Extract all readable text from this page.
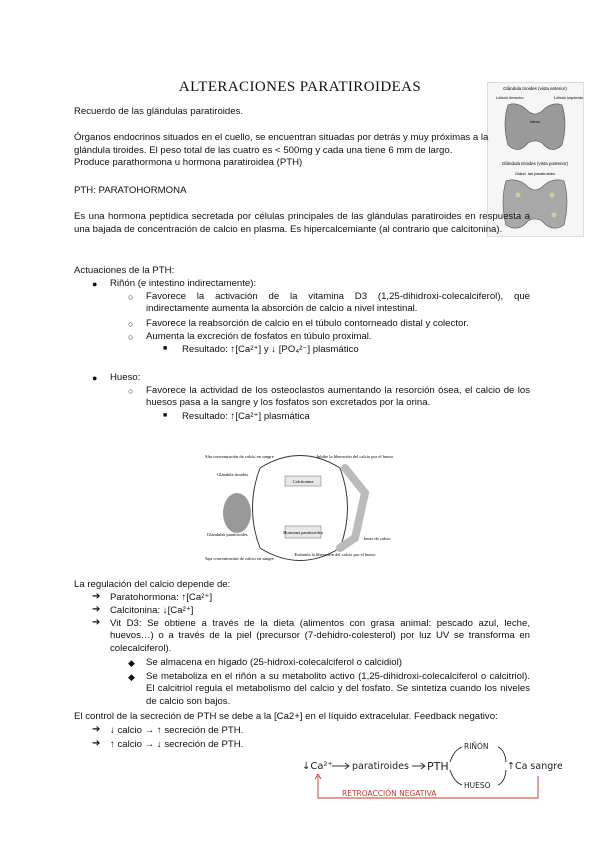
ALTERACIONES PARATIROIDEAS	Glándula tiroides (vista anterior)
Lóbulo derecho	Lóbulo izquierdo
Istmo
Glándula tiroides (vista posterior)
Glánd. las paratiroides
Recuerdo de las glándulas paratiroides.
Órganos endocrinos situados en el cuello, se encuentran situadas por detrás y muy próximas a la glándula tiroides. El peso total de las cuatro es < 500mg y cada una tiene 6 mm de largo. Produce parathormona u hormona paratiroidea (PTH)
PTH: PARATOHORMONA
Es una hormona peptídica secretada por células principales de las glándulas paratiroides en respuesta a una bajada de concentración de calcio en plasma. Es hipercalcemiante (al contrario que calcitonina).
Actuaciones de la PTH:
● Riñón (e intestino indirectamente):
○ Favorece la activación de la vitamina D3 (1,25-dihidroxi-colecalciferol), que indirectamente aumenta la absorción de calcio a nivel intestinal.
○ Favorece la reabsorción de calcio en el túbulo contorneado distal y colector.
○ Aumenta la excreción de fosfatos en túbulo proximal.
■ Resultado: ↑[Ca²⁺] y ↓ [PO₄²⁻] plasmático
● Hueso:
○ Favorece la actividad de los osteoclastos aumentando la resorción ósea, el calcio de los huesos pasa a la sangre y los fosfatos son excretados por la orina.
■ Resultado: ↑[Ca²⁺] plasmática
Alta concentración de calcio en sangre
Glándula tiroides
Calcitonina
Inhibe la liberación del calcio por el hueso
Glándulas paratiroides	Hormona paratiroidea
Baja concentración de calcio en sangre
Estimula la liberación del calcio por el hueso
Iones de calcio
La regulación del calcio depende de:
➔ Paratohormona: ↑[Ca²⁺]
➔ Calcitonina: ↓[Ca²⁺]
➔ Vit D3: Se obtiene a través de la dieta (alimentos con grasa animal: pescado azul, leche, huevos…) o a través de la piel (precursor (7-dehidro-colesterol) por luz UV se transforma en colecalciferol).
◆ Se almacena en hígado (25-hidroxi-colecalciferol o calcidiol)
◆ Se metaboliza en el riñón a su metabolito activo (1,25-dihidroxi-colecalciferol o calcitriol). El calcitriol regula el metabolismo del calcio y del fosfato. Se sintetiza cuando los niveles de calcio son bajos.
El control de la secreción de PTH se debe a la [Ca2+] en el líquido extracelular. Feedback negativo:
➔ ↓ calcio → ↑ secreción de PTH.
➔ ↑ calcio → ↓ secreción de PTH.
↓Ca²⁺ paratiroides PTH
RIÑÓN
HUESO
↑Ca sangre
RETROACCIÓN NEGATIVA
